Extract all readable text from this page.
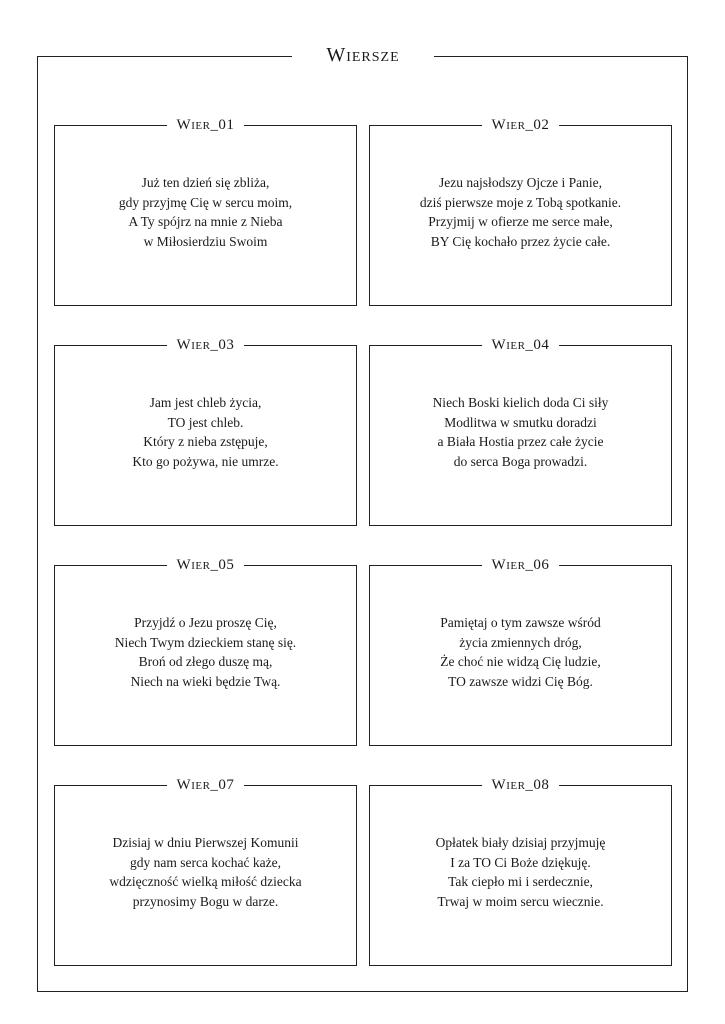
Wiersze
Wier_01
Już ten dzień się zbliża,
gdy przyjmę Cię w sercu moim,
A Ty spójrz na mnie z Nieba
w Miłosierdziu Swoim
Wier_02
Jezu najsłodszy Ojcze i Panie,
dziś pierwsze moje z Tobą spotkanie.
Przyjmij w ofierze me serce małe,
BY Cię kochało przez życie całe.
Wier_03
Jam jest chleb życia,
TO jest chleb.
Który z nieba zstępuje,
Kto go pożywa, nie umrze.
Wier_04
Niech Boski kielich doda Ci siły
Modlitwa w smutku doradzi
a Biała Hostia przez całe życie
do serca Boga prowadzi.
Wier_05
Przyjdź o Jezu proszę Cię,
Niech Twym dzieckiem stanę się.
Broń od złego duszę mą,
Niech na wieki będzie Twą.
Wier_06
Pamiętaj o tym zawsze wśród
życia zmiennych dróg,
Że choć nie widzą Cię ludzie,
TO zawsze widzi Cię Bóg.
Wier_07
Dzisiaj w dniu Pierwszej Komunii
gdy nam serca kochać każe,
wdzięczność wielką miłość dziecka
przynosimy Bogu w darze.
Wier_08
Opłatek biały dzisiaj przyjmuję
I za TO Ci Boże dziękuję.
Tak ciepło mi i serdecznie,
Trwaj w moim sercu wiecznie.
